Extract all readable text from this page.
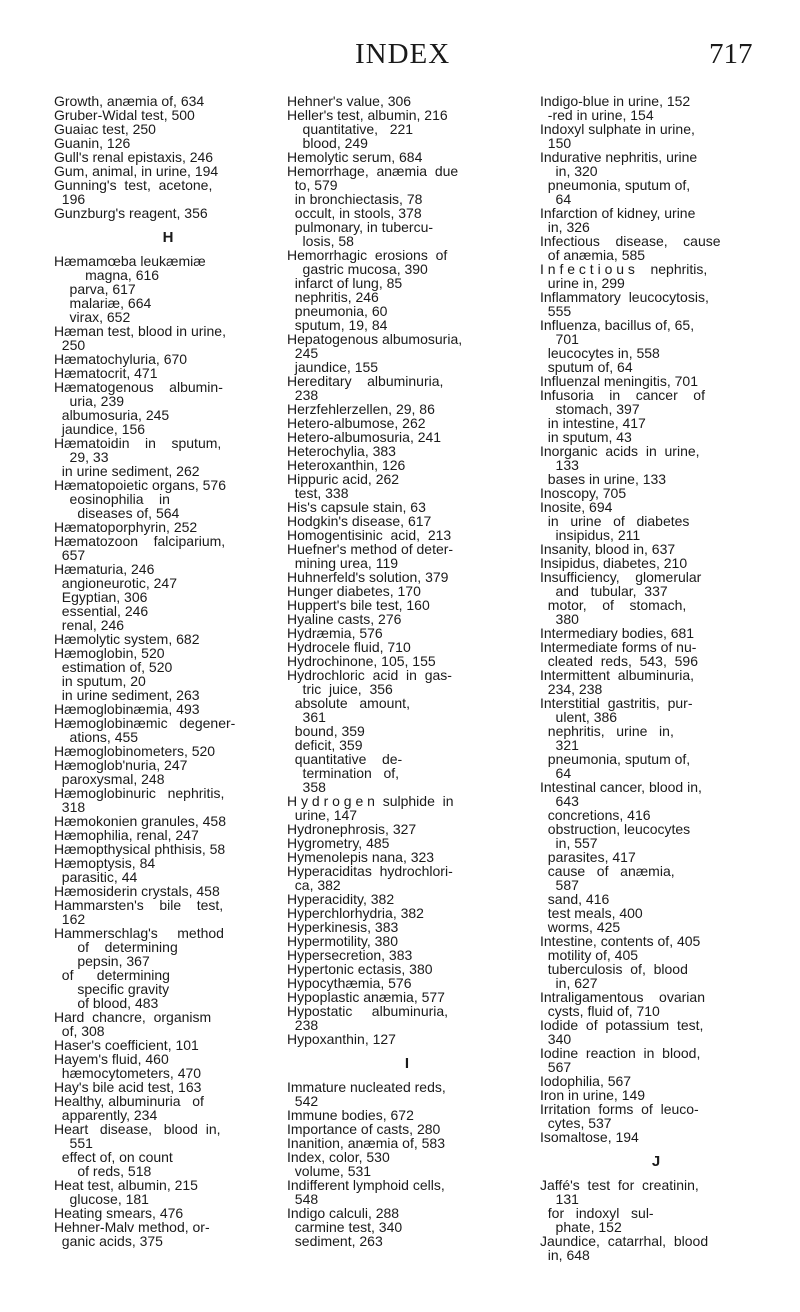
INDEX	717
Growth, anæmia of, 634
Gruber-Widal test, 500
Guaiac test, 250
Guanin, 126
Gull's renal epistaxis, 246
Gum, animal, in urine, 194
Gunning's  test,  acetone,
196
Gunzburg's reagent, 356
H
Hæmamœba leukæmiæ
magna, 616
parva, 617
malariæ, 664
virax, 652
Hæman test, blood in urine,
250
Hæmatochyluria, 670
Hæmatocrit, 471
Hæmatogenous    albumin-
uria, 239
albumosuria, 245
jaundice, 156
Hæmatoidin    in    sputum,
29, 33
in urine sediment, 262
Hæmatopoietic organs, 576
eosinophilia    in
diseases of, 564
Hæmatoporphyrin, 252
Hæmatozoon    falciparium,
657
Hæmaturia, 246
angioneurotic, 247
Egyptian, 306
essential, 246
renal, 246
Hæmolytic system, 682
Hæmoglobin, 520
estimation of, 520
in sputum, 20
in urine sediment, 263
Hæmoglobinæmia, 493
Hæmoglobinæmic   degener-
ations, 455
Hæmoglobinometers, 520
Hæmoglob'nuria, 247
paroxysmal, 248
Hæmoglobinuric   nephritis,
318
Hæmokonien granules, 458
Hæmophilia, renal, 247
Hæmopthysical phthisis, 58
Hæmoptysis, 84
parasitic, 44
Hæmosiderin crystals, 458
Hammarsten's    bile    test,
162
Hammerschlag's     method
of    determining
pepsin, 367
of      determining
specific gravity
of blood, 483
Hard  chancre,  organism
of, 308
Haser's coefficient, 101
Hayem's fluid, 460
hæmocytometers, 470
Hay's bile acid test, 163
Healthy, albuminuria   of
apparently, 234
Heart   disease,   blood  in,
551
effect of, on count
of reds, 518
Heat test, albumin, 215
glucose, 181
Heating smears, 476
Hehner-Malv method, or-
ganic acids, 375
Hehner's value, 306
Heller's test, albumin, 216
quantitative,   221
blood, 249
Hemolytic serum, 684
Hemorrhage,  anæmia  due
to, 579
in bronchiectasis, 78
occult, in stools, 378
pulmonary, in tubercu-
losis, 58
Hemorrhagic  erosions  of
gastric mucosa, 390
infarct of lung, 85
nephritis, 246
pneumonia, 60
sputum, 19, 84
Hepatogenous albumosuria,
245
jaundice, 155
Hereditary    albuminuria,
238
Herzfehlerzellen, 29, 86
Hetero-albumose, 262
Hetero-albumosuria, 241
Heterochylia, 383
Heteroxanthin, 126
Hippuric acid, 262
test, 338
His's capsule stain, 63
Hodgkin's disease, 617
Homogentisinic  acid,  213
Huefner's method of deter-
mining urea, 119
Huhnerfeld's solution, 379
Hunger diabetes, 170
Huppert's bile test, 160
Hyaline casts, 276
Hydræmia, 576
Hydrocele fluid, 710
Hydrochinone, 105, 155
Hydrochloric  acid  in  gas-
tric  juice,  356
absolute   amount,
361
bound, 359
deficit, 359
quantitative    de-
termination   of,
358
H y d r o g e n  sulphide  in
urine, 147
Hydronephrosis, 327
Hygrometry, 485
Hymenolepis nana, 323
Hyperaciditas  hydrochlori-
ca, 382
Hyperacidity, 382
Hyperchlorhydria, 382
Hyperkinesis, 383
Hypermotility, 380
Hypersecretion, 383
Hypertonic ectasis, 380
Hypocythæmia, 576
Hypoplastic anæmia, 577
Hypostatic     albuminuria,
238
Hypoxanthin, 127
I
Immature nucleated reds,
542
Immune bodies, 672
Importance of casts, 280
Inanition, anæmia of, 583
Index, color, 530
volume, 531
Indifferent lymphoid cells,
548
Indigo calculi, 288
carmine test, 340
sediment, 263
Indigo-blue in urine, 152
-red in urine, 154
Indoxyl sulphate in urine,
150
Indurative nephritis, urine
in, 320
pneumonia, sputum of,
64
Infarction of kidney, urine
in, 326
Infectious    disease,    cause
of anæmia, 585
I n f e c t i o u s    nephritis,
urine in, 299
Inflammatory  leucocytosis,
555
Influenza, bacillus of, 65,
701
leucocytes in, 558
sputum of, 64
Influenzal meningitis, 701
Infusoria    in    cancer    of
stomach, 397
in intestine, 417
in sputum, 43
Inorganic  acids  in  urine,
133
bases in urine, 133
Inoscopy, 705
Inosite, 694
in   urine   of   diabetes
insipidus, 211
Insanity, blood in, 637
Insipidus, diabetes, 210
Insufficiency,    glomerular
and   tubular,  337
motor,    of    stomach,
380
Intermediary bodies, 681
Intermediate forms of nu-
cleated  reds,  543,  596
Intermittent  albuminuria,
234, 238
Interstitial  gastritis,  pur-
ulent, 386
nephritis,   urine   in,
321
pneumonia, sputum of,
64
Intestinal cancer, blood in,
643
concretions, 416
obstruction, leucocytes
in, 557
parasites, 417
cause   of   anæmia,
587
sand, 416
test meals, 400
worms, 425
Intestine, contents of, 405
motility of, 405
tuberculosis  of,  blood
in, 627
Intraligamentous    ovarian
cysts, fluid of, 710
Iodide  of  potassium  test,
340
Iodine  reaction  in  blood,
567
Iodophilia, 567
Iron in urine, 149
Irritation  forms  of  leuco-
cytes, 537
Isomaltose, 194
J
Jaffé's  test  for  creatinin,
131
for   indoxyl   sul-
phate, 152
Jaundice,  catarrhal,  blood
in, 648
